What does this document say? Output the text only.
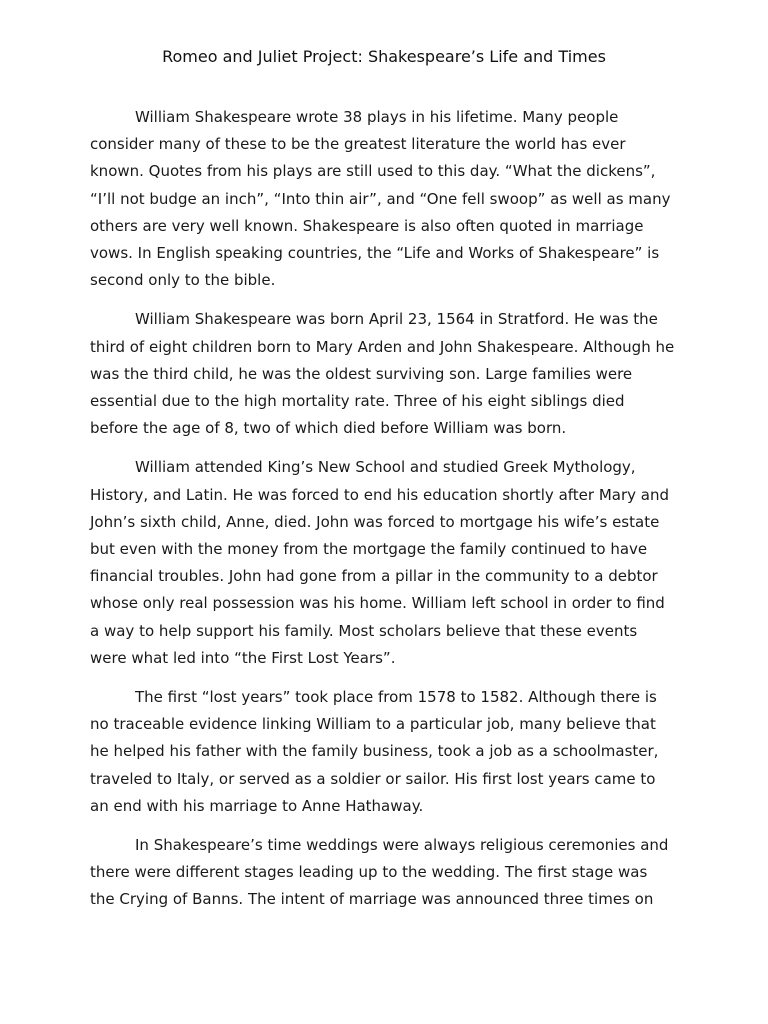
Romeo and Juliet Project: Shakespeare’s Life and Times
William Shakespeare wrote 38 plays in his lifetime. Many people
consider many of these to be the greatest literature the world has ever
known. Quotes from his plays are still used to this day. “What the dickens”,
“I’ll not budge an inch”, “Into thin air”, and “One fell swoop” as well as many
others are very well known. Shakespeare is also often quoted in marriage
vows. In English speaking countries, the “Life and Works of Shakespeare” is
second only to the bible.
William Shakespeare was born April 23, 1564 in Stratford. He was the
third of eight children born to Mary Arden and John Shakespeare. Although he
was the third child, he was the oldest surviving son. Large families were
essential due to the high mortality rate. Three of his eight siblings died
before the age of 8, two of which died before William was born.
William attended King’s New School and studied Greek Mythology,
History, and Latin. He was forced to end his education shortly after Mary and
John’s sixth child, Anne, died. John was forced to mortgage his wife’s estate
but even with the money from the mortgage the family continued to have
financial troubles. John had gone from a pillar in the community to a debtor
whose only real possession was his home. William left school in order to find
a way to help support his family. Most scholars believe that these events
were what led into “the First Lost Years”.
The first “lost years” took place from 1578 to 1582. Although there is
no traceable evidence linking William to a particular job, many believe that
he helped his father with the family business, took a job as a schoolmaster,
traveled to Italy, or served as a soldier or sailor. His first lost years came to
an end with his marriage to Anne Hathaway.
In Shakespeare’s time weddings were always religious ceremonies and
there were different stages leading up to the wedding. The first stage was
the Crying of Banns. The intent of marriage was announced three times on
